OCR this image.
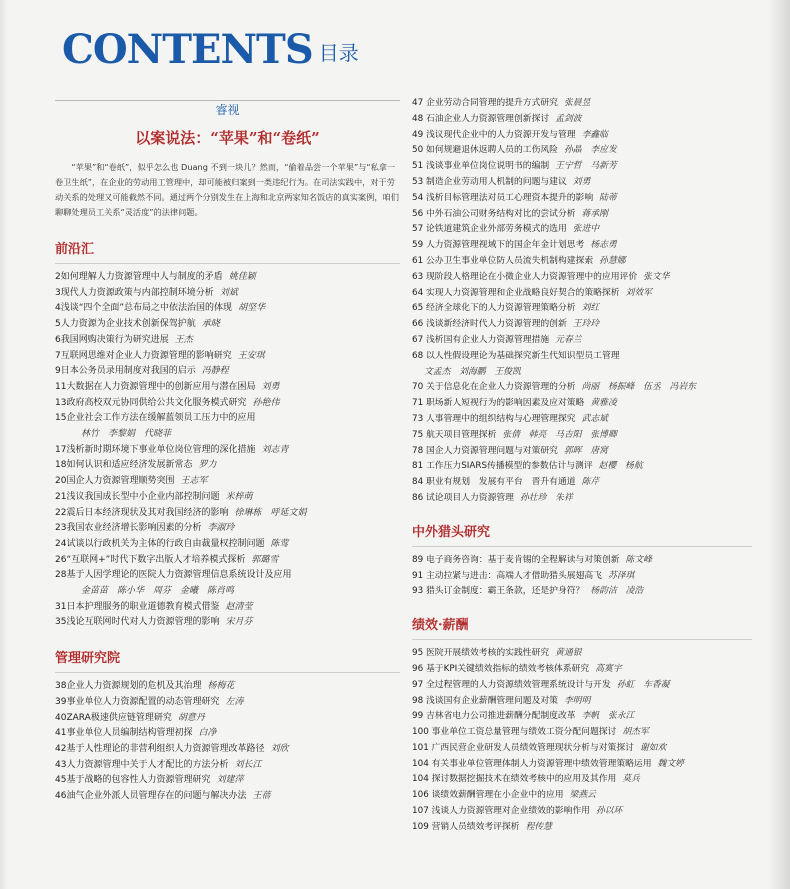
CONTENTS 目录
睿视
以案说法：“苹果”和“卷纸”
“苹果”和“卷纸”，似乎怎么也 Duang 不到一块儿？然而，“偷着品尝一个苹果”与“私拿一卷卫生纸”，在企业的劳动用工管理中，却可能被归案到一类违纪行为。在司法实践中，对于劳动关系的处理又可能截然不同。通过两个分别发生在上海和北京两家知名饭店的真实案例，咱们聊聊处理员工关系“灵活度”的法律问题。
前沿汇
2如何理解人力资源管理中人与制度的矛盾 姚佳颖
3现代人力资源政策与内部控制环境分析 刘斌
4浅谈“四个全面”总布局之中依法治国的体现 胡坚华
5人力资源为企业技术创新保驾护航 承晓
6我国网购决策行为研究进展 王杰
7互联网思维对企业人力资源管理的影响研究 王安琪
9日本公务员录用制度对我国的启示 冯静程
11大数据在人力资源管理中的创新应用与潜在困局 刘勇
13政府高校双元协同供给公共文化服务模式研究 孙艳伟
15企业社会工作方法在缓解蓝领员工压力中的应用
林竹　李黎娟　代晓菲
17浅析新时期环境下事业单位岗位管理的深化措施 刘志青
18如何认识和适应经济发展新常态 罗力
20国企人力资源管理顺势突围 王志军
21浅议我国成长型中小企业内部控制问题 米梓萌
22震后日本经济现状及其对我国经济的影响 徐琳栋　呼延文娟
23我国农业经济增长影响因素的分析 李淑玲
24试谈以行政机关为主体的行政自由裁量权控制问题 陈莺
26“互联网+”时代下数字出版人才培养模式探析 郭璐雪
28基于人因学理论的医院人力资源管理信息系统设计及应用
金苗苗　陈小华　周芬　金曦　陈肖鸣
31日本护理服务的职业道德教育模式借鉴 赵清莹
35浅论互联网时代对人力资源管理的影响 宋月芬
管理研究院
38企业人力资源规划的危机及其治理 杨梅花
39事业单位人力资源配置的动态管理研究 左涛
40ZARA极速供应链管理研究 胡意丹
41事业单位人员编制结构管理初探 白净
42基于人性理论的非营利组织人力资源管理改革路径 刘欣
43人力资源管理中关于人才配比的方法分析 刘长江
45基于战略的包容性人力资源管理研究 刘建萍
46油气企业外派人员管理存在的问题与解决办法 王蓓
47 企业劳动合同管理的提升方式研究 张晨昱
48 石油企业人力资源管理创新探讨 孟剑波
49 浅议现代企业中的人力资源开发与管理 李鑫临
50 如何规避退休返聘人员的工伤风险 孙晶　李应发
51 浅谈事业单位岗位说明书的编制 王宁哲　马新芳
53 制造企业劳动用人机制的问题与建议 刘勇
54 浅析目标管理法对员工心理资本提升的影响 陆蒂
56 中外石油公司财务结构对比的尝试分析 蒋承刚
57 论铁道建筑企业外部劳务模式的选用 张进中
59 人力资源管理视域下的国企年金计划思考 杨志勇
61 公办卫生事业单位防人员流失机制构建探索 孙慧娜
63 现阶段人格理论在小微企业人力资源管理中的应用评价 张文华
64 实现人力资源管理和企业战略良好契合的策略探析 刘效军
65 经济全球化下的人力资源管理策略分析 刘红
66 浅谈新经济时代人力资源管理的创新 王玲玲
67 浅析国有企业人力资源管理措施 元春兰
68 以人性假设理论为基础探究新生代知识型员工管理
文孟杰　刘海鹏　王俊凯
70 关于信息化在企业人力资源管理的分析 尚丽　杨振峰　伍丞　冯岩东
71 职场新人短视行为的影响因素及应对策略 黄雅凌
73 人事管理中的组织结构与心理管理探究 武志斌
75 航天项目管理探析 张倩　韩亮　马吉阳　张博卿
78 国企人力资源管理问题与对策研究 郭晖　唐窝
81 工作压力SIARS传播模型的参数估计与测评 赵樱　杨航
84 职业有规划　发展有平台　晋升有通道 陈芹
86 试论项目人力资源管理 孙壮珍　朱祥
中外猎头研究
89 电子商务咨询：基于麦肯锡的全程解读与对策创新 陈文峰
91 主动拉紧与进击：高端人才借助猎头展翅高飞 苏泽琪
93 猎头订金制度：霸王条款，还是护身符？ 杨韵洁　凌浩
绩效·薪酬
95 医院开展绩效考核的实践性研究 黄通银
96 基于KPI关键绩效指标的绩效考核体系研究 高寞宇
97 全过程管理的人力资源绩效管理系统设计与开发 孙虹　车香凝
98 浅谈国有企业薪酬管理问题及对策 李明明
99 吉林省电力公司推进薪酬分配制度改革 李帆　张永江
100 事业单位工资总量管理与绩效工资分配问题探讨 胡杰军
101 广西民营企业研发人员绩效管理现状分析与对策探讨 谢如欢
104 有关事业单位管理体制人力资源管理中绩效管理策略运用 魏文婷
104 探讨数据挖掘技术在绩效考核中的应用及其作用 莫兵
106 谈绩效薪酬管理在小企业中的应用 梁燕云
107 浅谈人力资源管理对企业绩效的影响作用 孙以环
109 营销人员绩效考评探析 程传慧
